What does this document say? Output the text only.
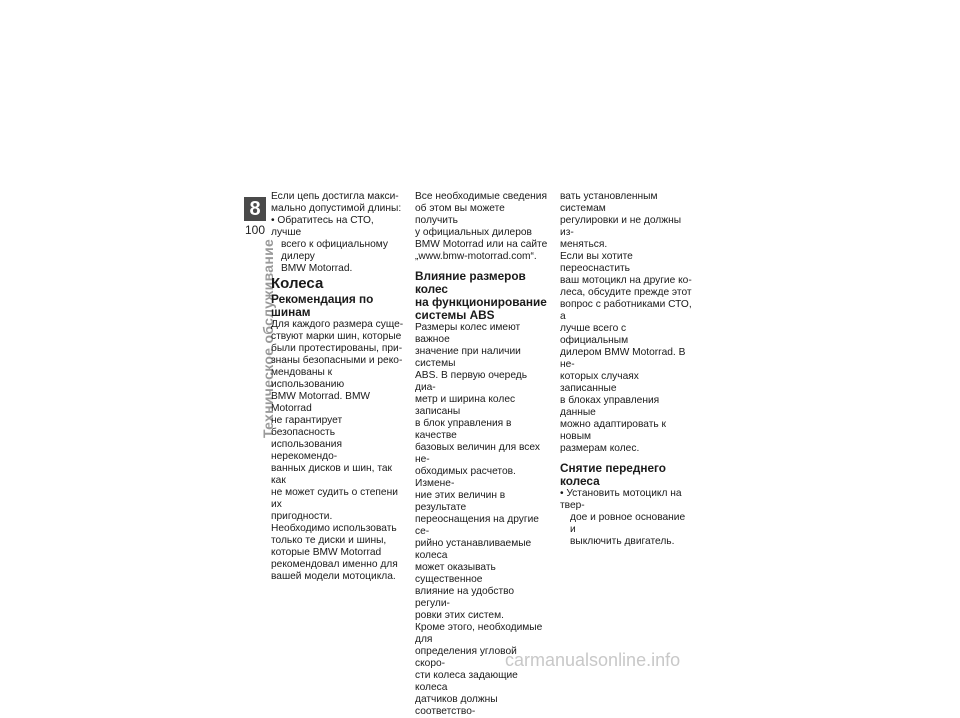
8
100
Техническое обслуживание

Если цепь достигла макси-

мально допустимой длины:

• Обратитесь на СТО, лучше

всего к официальному дилеру

BMW Motorrad.

Колеса

Рекомендация по шинам

Для каждого размера суще-

ствуют марки шин, которые

были протестированы, при-

знаны безопасными и реко-

мендованы к использованию

BMW Motorrad. BMW Motorrad

не гарантирует безопасность

использования нерекомендо-

ванных дисков и шин, так как

не может судить о степени их

пригодности.

Необходимо использовать

только те диски и шины,

которые BMW Motorrad

рекомендовал именно для

вашей модели мотоцикла.

Все необходимые сведения

об этом вы можете получить

у официальных дилеров

BMW Motorrad или на сайте

„www.bmw-motorrad.com“.

Влияние размеров колес

на функционирование

системы ABS

Размеры колес имеют важное

значение при наличии системы

ABS. В первую очередь диа-

метр и ширина колес записаны

в блок управления в качестве

базовых величин для всех не-

обходимых расчетов. Измене-

ние этих величин в результате

переоснащения на другие се-

рийно устанавливаемые колеса

может оказывать существенное

влияние на удобство регули-

ровки этих систем.

Кроме этого, необходимые для

определения угловой скоро-

сти колеса задающие колеса

датчиков должны соответство-

вать установленным системам

регулировки и не должны из-

меняться.

Если вы хотите переоснастить

ваш мотоцикл на другие ко-

леса, обсудите прежде этот

вопрос с работниками СТО, а

лучше всего с официальным

дилером BMW Motorrad. В не-

которых случаях записанные

в блоках управления данные

можно адаптировать к новым

размерам колес.

Снятие переднего колеса

• Установить мотоцикл на твер-

дое и ровное основание и

выключить двигатель.

carmanualsonline.info
